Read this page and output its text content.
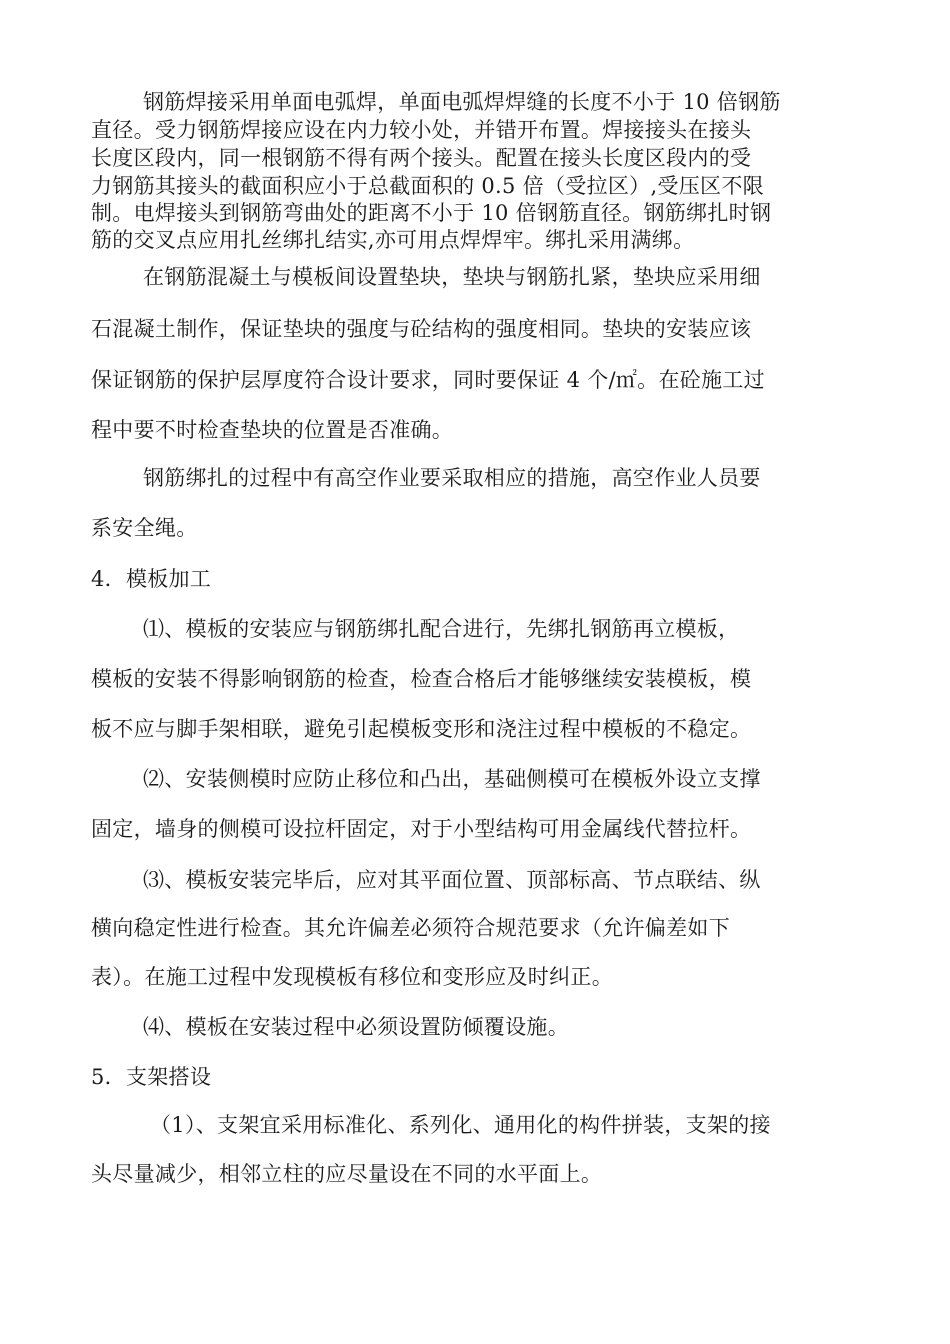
钢筋焊接采用单面电弧焊，单面电弧焊焊缝的长度不小于 10 倍钢筋
直径。受力钢筋焊接应设在内力较小处，并错开布置。焊接接头在接头
长度区段内，同一根钢筋不得有两个接头。配置在接头长度区段内的受
力钢筋其接头的截面积应小于总截面积的 0.5 倍（受拉区）,受压区不限
制。电焊接头到钢筋弯曲处的距离不小于 10 倍钢筋直径。钢筋绑扎时钢
筋的交叉点应用扎丝绑扎结实,亦可用点焊焊牢。绑扎采用满绑。
在钢筋混凝土与模板间设置垫块，垫块与钢筋扎紧，垫块应采用细
石混凝土制作，保证垫块的强度与砼结构的强度相同。垫块的安装应该
保证钢筋的保护层厚度符合设计要求，同时要保证 4 个/㎡。在砼施工过
程中要不时检查垫块的位置是否准确。
钢筋绑扎的过程中有高空作业要采取相应的措施，高空作业人员要
系安全绳。
4．模板加工
⑴、模板的安装应与钢筋绑扎配合进行，先绑扎钢筋再立模板，
模板的安装不得影响钢筋的检查，检查合格后才能够继续安装模板，模
板不应与脚手架相联，避免引起模板变形和浇注过程中模板的不稳定。
⑵、安装侧模时应防止移位和凸出，基础侧模可在模板外设立支撑
固定，墙身的侧模可设拉杆固定，对于小型结构可用金属线代替拉杆。
⑶、模板安装完毕后，应对其平面位置、顶部标高、节点联结、纵
横向稳定性进行检查。其允许偏差必须符合规范要求（允许偏差如下
表）。在施工过程中发现模板有移位和变形应及时纠正。
⑷、模板在安装过程中必须设置防倾覆设施。
5．支架搭设
（1）、支架宜采用标准化、系列化、通用化的构件拼装，支架的接
头尽量减少，相邻立柱的应尽量设在不同的水平面上。
